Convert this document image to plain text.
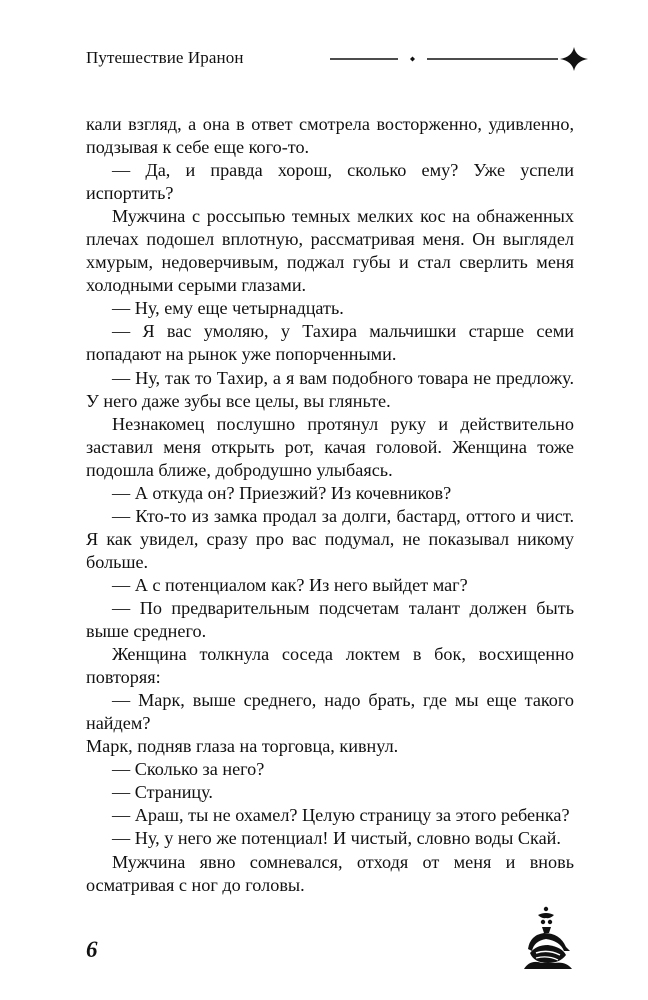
Путешествие Иранон

кали взгляд, а она в ответ смотрела восторженно, удивленно, подзывая к себе еще кого-то.

— Да, и правда хорош, сколько ему? Уже успели испортить?

Мужчина с россыпью темных мелких кос на обнаженных плечах подошел вплотную, рассматривая меня. Он выглядел хмурым, недоверчивым, поджал губы и стал сверлить меня холодными серыми глазами.

— Ну, ему еще четырнадцать.

— Я вас умоляю, у Тахира мальчишки старше семи попадают на рынок уже попорченными.

— Ну, так то Тахир, а я вам подобного товара не предложу. У него даже зубы все целы, вы гляньте.

Незнакомец послушно протянул руку и действительно заставил меня открыть рот, качая головой. Женщина тоже подошла ближе, добродушно улыбаясь.

— А откуда он? Приезжий? Из кочевников?

— Кто-то из замка продал за долги, бастард, оттого и чист. Я как увидел, сразу про вас подумал, не показывал никому больше.

— А с потенциалом как? Из него выйдет маг?

— По предварительным подсчетам талант должен быть выше среднего.

Женщина толкнула соседа локтем в бок, восхищенно повторяя:

— Марк, выше среднего, надо брать, где мы еще такого найдем?

Марк, подняв глаза на торговца, кивнул.

— Сколько за него?

— Страницу.

— Араш, ты не охамел? Целую страницу за этого ребенка?

— Ну, у него же потенциал! И чистый, словно воды Скай.

Мужчина явно сомневался, отходя от меня и вновь осматривая с ног до головы.

6
